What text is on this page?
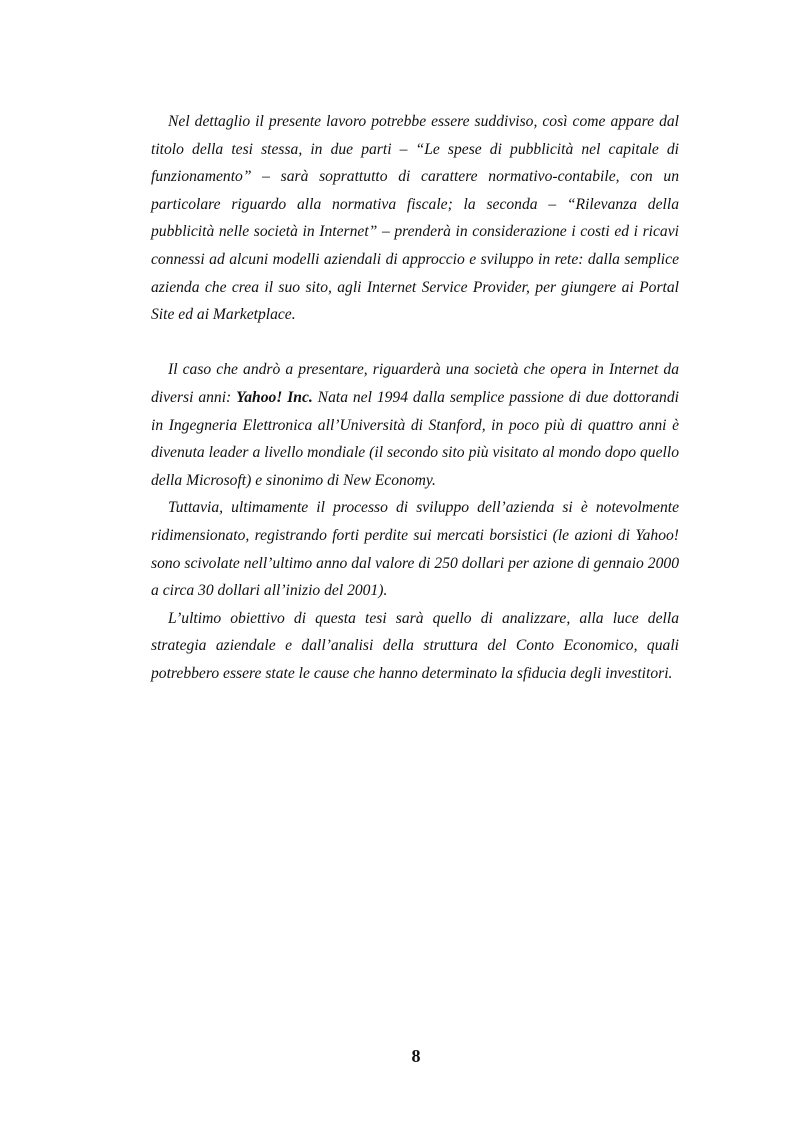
Nel dettaglio il presente lavoro potrebbe essere suddiviso, così come appare dal titolo della tesi stessa, in due parti – “Le spese di pubblicità nel capitale di funzionamento” – sarà soprattutto di carattere normativo-contabile, con un particolare riguardo alla normativa fiscale; la seconda – “Rilevanza della pubblicità nelle società in Internet” – prenderà in considerazione i costi ed i ricavi connessi ad alcuni modelli aziendali di approccio e sviluppo in rete: dalla semplice azienda che crea il suo sito, agli Internet Service Provider, per giungere ai Portal Site ed ai Marketplace.

Il caso che andrò a presentare, riguarderà una società che opera in Internet da diversi anni: Yahoo! Inc. Nata nel 1994 dalla semplice passione di due dottorandi in Ingegneria Elettronica all’Università di Stanford, in poco più di quattro anni è divenuta leader a livello mondiale (il secondo sito più visitato al mondo dopo quello della Microsoft) e sinonimo di New Economy.

Tuttavia, ultimamente il processo di sviluppo dell’azienda si è notevolmente ridimensionato, registrando forti perdite sui mercati borsistici (le azioni di Yahoo! sono scivolate nell’ultimo anno dal valore di 250 dollari per azione di gennaio 2000 a circa 30 dollari all’inizio del 2001).

L’ultimo obiettivo di questa tesi sarà quello di analizzare, alla luce della strategia aziendale e dall’analisi della struttura del Conto Economico, quali potrebbero essere state le cause che hanno determinato la sfiducia degli investitori.

8
